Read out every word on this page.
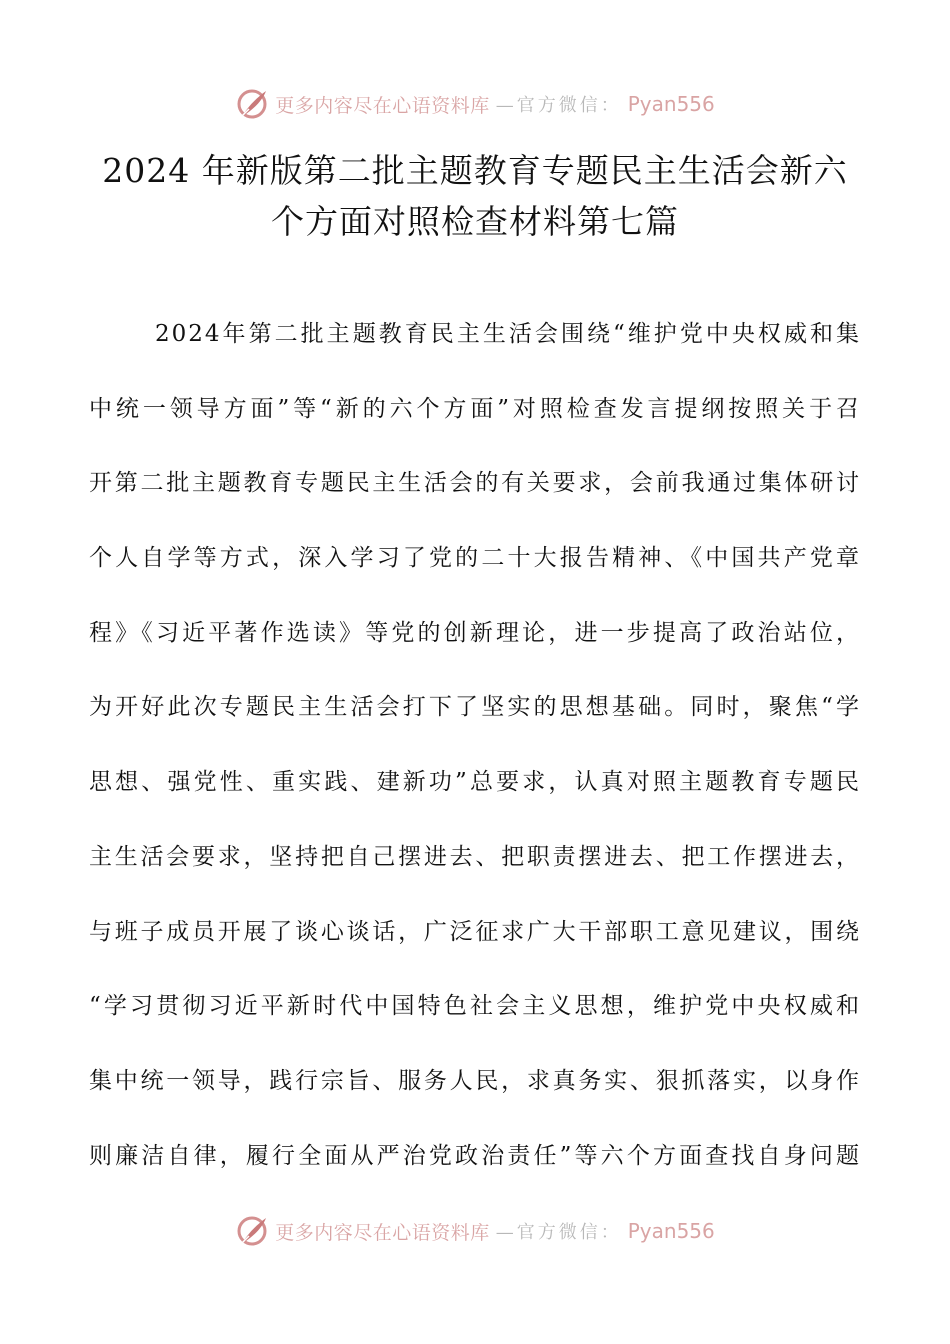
更多内容尽在心语资料库 —官方微信： Pyan556
2024 年新版第二批主题教育专题民主生活会新六
个方面对照检查材料第七篇
2024年第二批主题教育民主生活会围绕“维护党中央权威和集
中统一领导方面”等“新的六个方面”对照检查发言提纲按照关于召
开第二批主题教育专题民主生活会的有关要求，会前我通过集体研讨
个人自学等方式，深入学习了党的二十大报告精神、《中国共产党章
程》《习近平著作选读》等党的创新理论，进一步提高了政治站位，
为开好此次专题民主生活会打下了坚实的思想基础。同时，聚焦“学
思想、强党性、重实践、建新功”总要求，认真对照主题教育专题民
主生活会要求，坚持把自己摆进去、把职责摆进去、把工作摆进去，
与班子成员开展了谈心谈话，广泛征求广大干部职工意见建议，围绕
“学习贯彻习近平新时代中国特色社会主义思想，维护党中央权威和
集中统一领导，践行宗旨、服务人民，求真务实、狠抓落实，以身作
则廉洁自律，履行全面从严治党政治责任”等六个方面查找自身问题
更多内容尽在心语资料库 —官方微信： Pyan556
